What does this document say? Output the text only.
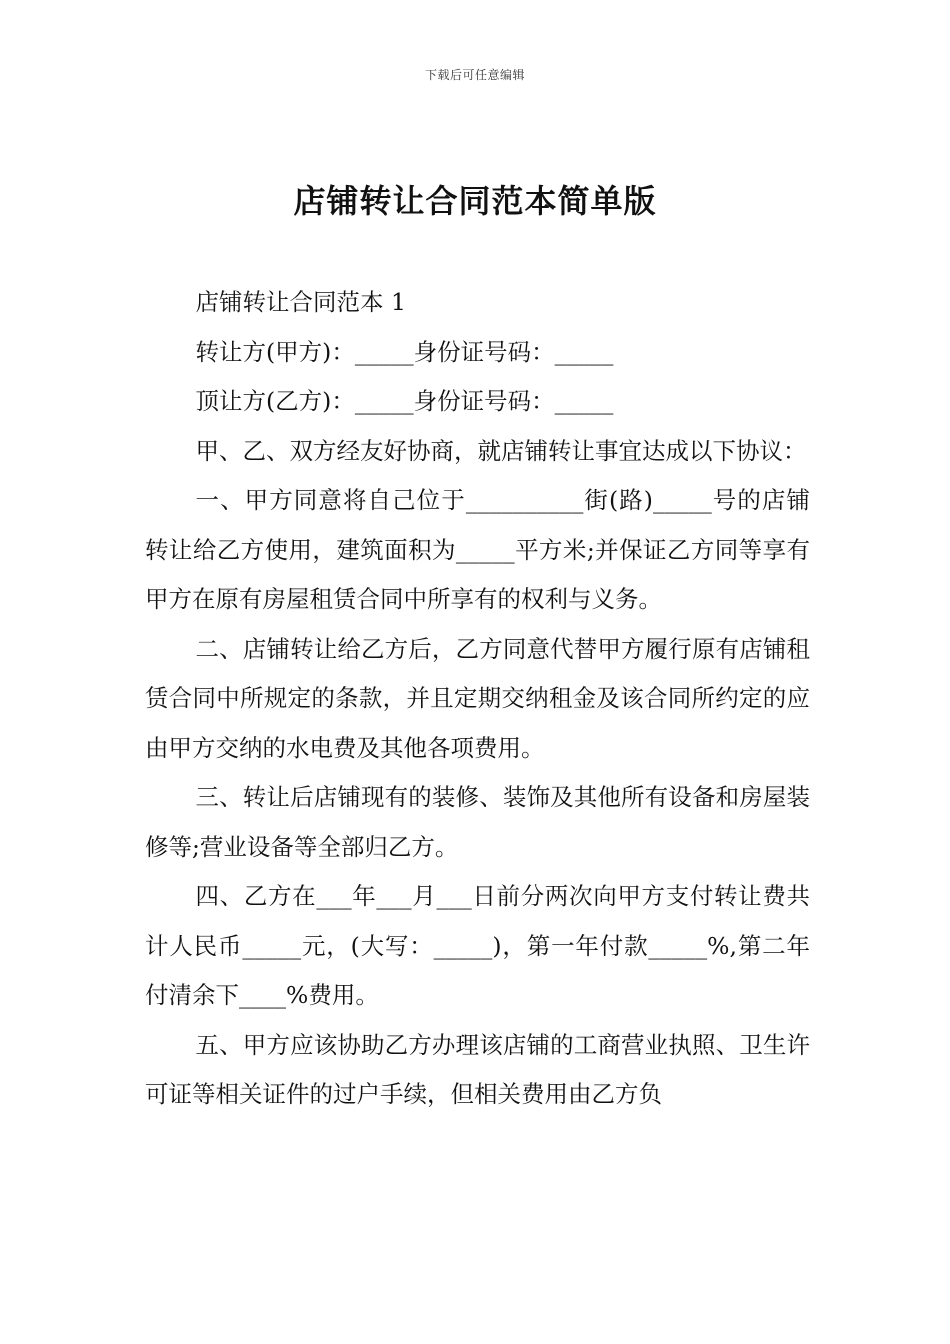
下载后可任意编辑
店铺转让合同范本简单版

店铺转让合同范本 1

转让方(甲方)：_____身份证号码：_____

顶让方(乙方)：_____身份证号码：_____

甲、乙、双方经友好协商，就店铺转让事宜达成以下协议：

一、甲方同意将自己位于__________街(路)_____号的店铺转让给乙方使用，建筑面积为_____平方米;并保证乙方同等享有甲方在原有房屋租赁合同中所享有的权利与义务。

二、店铺转让给乙方后，乙方同意代替甲方履行原有店铺租赁合同中所规定的条款，并且定期交纳租金及该合同所约定的应由甲方交纳的水电费及其他各项费用。

三、转让后店铺现有的装修、装饰及其他所有设备和房屋装修等;营业设备等全部归乙方。

四、乙方在___年___月___日前分两次向甲方支付转让费共计人民币_____元，(大写：_____)，第一年付款_____%,第二年付清余下____%费用。

五、甲方应该协助乙方办理该店铺的工商营业执照、卫生许可证等相关证件的过户手续，但相关费用由乙方负
